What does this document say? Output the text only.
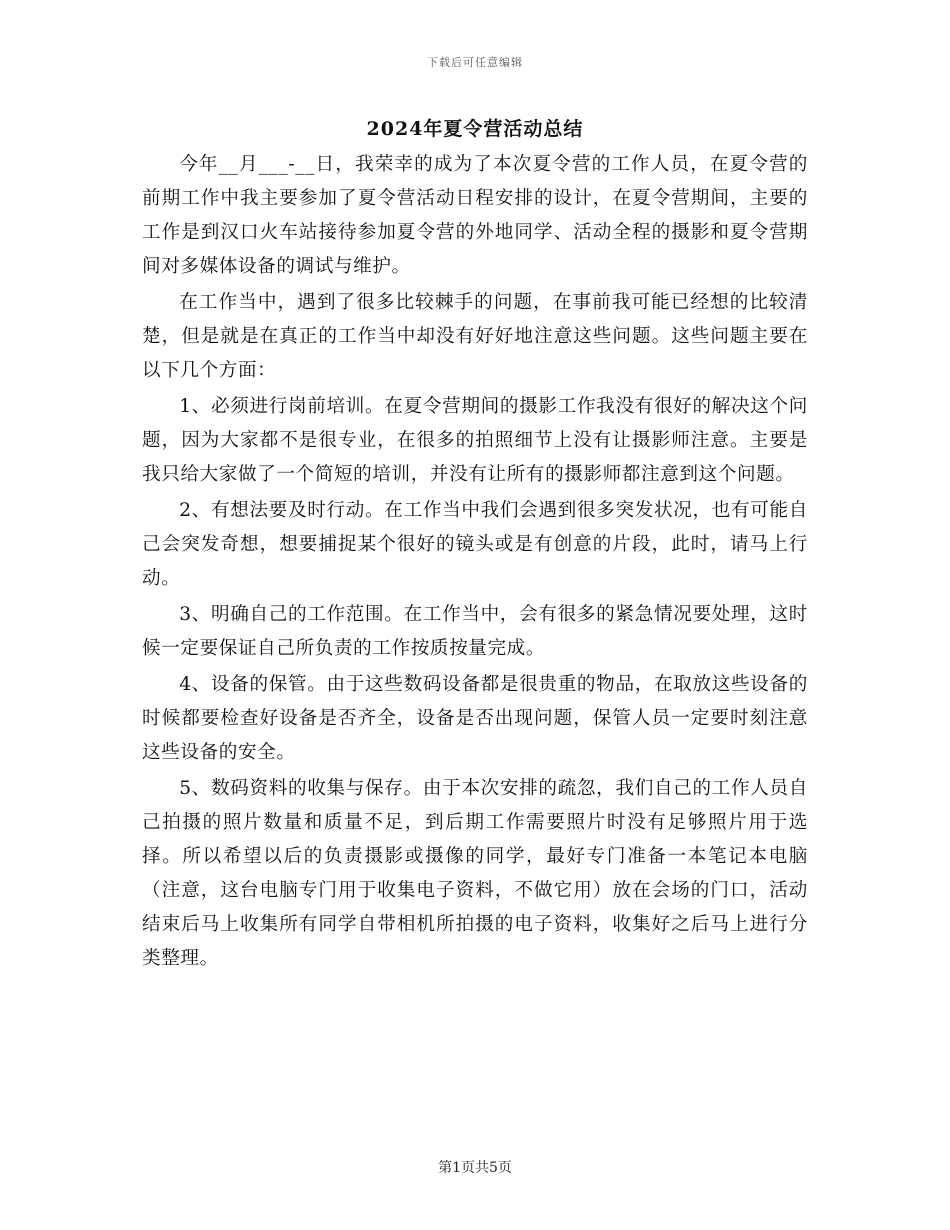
下载后可任意编辑
2024年夏令营活动总结

今年__月___-__日，我荣幸的成为了本次夏令营的工作人员，在夏令营的前期工作中我主要参加了夏令营活动日程安排的设计，在夏令营期间，主要的工作是到汉口火车站接待参加夏令营的外地同学、活动全程的摄影和夏令营期间对多媒体设备的调试与维护。

在工作当中，遇到了很多比较棘手的问题，在事前我可能已经想的比较清楚，但是就是在真正的工作当中却没有好好地注意这些问题。这些问题主要在以下几个方面：

1、必须进行岗前培训。在夏令营期间的摄影工作我没有很好的解决这个问题，因为大家都不是很专业，在很多的拍照细节上没有让摄影师注意。主要是我只给大家做了一个简短的培训，并没有让所有的摄影师都注意到这个问题。

2、有想法要及时行动。在工作当中我们会遇到很多突发状况，也有可能自己会突发奇想，想要捕捉某个很好的镜头或是有创意的片段，此时，请马上行动。

3、明确自己的工作范围。在工作当中，会有很多的紧急情况要处理，这时候一定要保证自己所负责的工作按质按量完成。

4、设备的保管。由于这些数码设备都是很贵重的物品，在取放这些设备的时候都要检查好设备是否齐全，设备是否出现问题，保管人员一定要时刻注意这些设备的安全。

5、数码资料的收集与保存。由于本次安排的疏忽，我们自己的工作人员自己拍摄的照片数量和质量不足，到后期工作需要照片时没有足够照片用于选择。所以希望以后的负责摄影或摄像的同学，最好专门准备一本笔记本电脑（注意，这台电脑专门用于收集电子资料，不做它用）放在会场的门口，活动结束后马上收集所有同学自带相机所拍摄的电子资料，收集好之后马上进行分类整理。

第1页共5页
